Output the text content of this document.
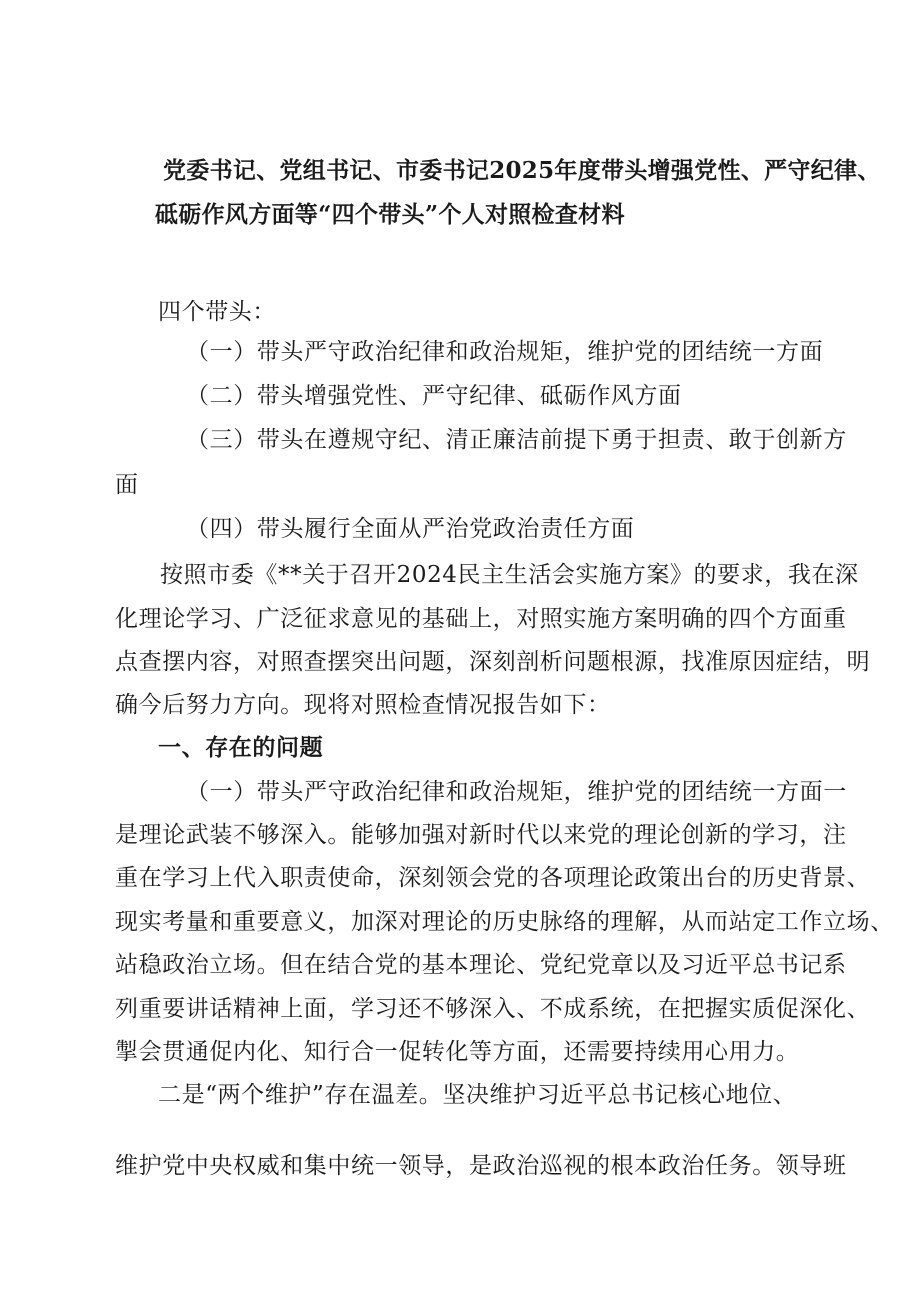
党委书记、党组书记、市委书记2025年度带头增强党性、严守纪律、
砥砺作风方面等“四个带头”个人对照检查材料
四个带头：
（一）带头严守政治纪律和政治规矩，维护党的团结统一方面
（二）带头增强党性、严守纪律、砥砺作风方面
（三）带头在遵规守纪、清正廉洁前提下勇于担责、敢于创新方
面
（四）带头履行全面从严治党政治责任方面
按照市委《**关于召开2024民主生活会实施方案》的要求，我在深
化理论学习、广泛征求意见的基础上，对照实施方案明确的四个方面重
点查摆内容，对照查摆突出问题，深刻剖析问题根源，找准原因症结，明
确今后努力方向。现将对照检查情况报告如下：
一、存在的问题
（一）带头严守政治纪律和政治规矩，维护党的团结统一方面一
是理论武装不够深入。能够加强对新时代以来党的理论创新的学习，注
重在学习上代入职责使命，深刻领会党的各项理论政策出台的历史背景、
现实考量和重要意义，加深对理论的历史脉络的理解，从而站定工作立场、
站稳政治立场。但在结合党的基本理论、党纪党章以及习近平总书记系
列重要讲话精神上面，学习还不够深入、不成系统，在把握实质促深化、
掣会贯通促内化、知行合一促转化等方面，还需要持续用心用力。
二是“两个维护”存在温差。坚决维护习近平总书记核心地位、
维护党中央权威和集中统一领导，是政治巡视的根本政治任务。领导班
